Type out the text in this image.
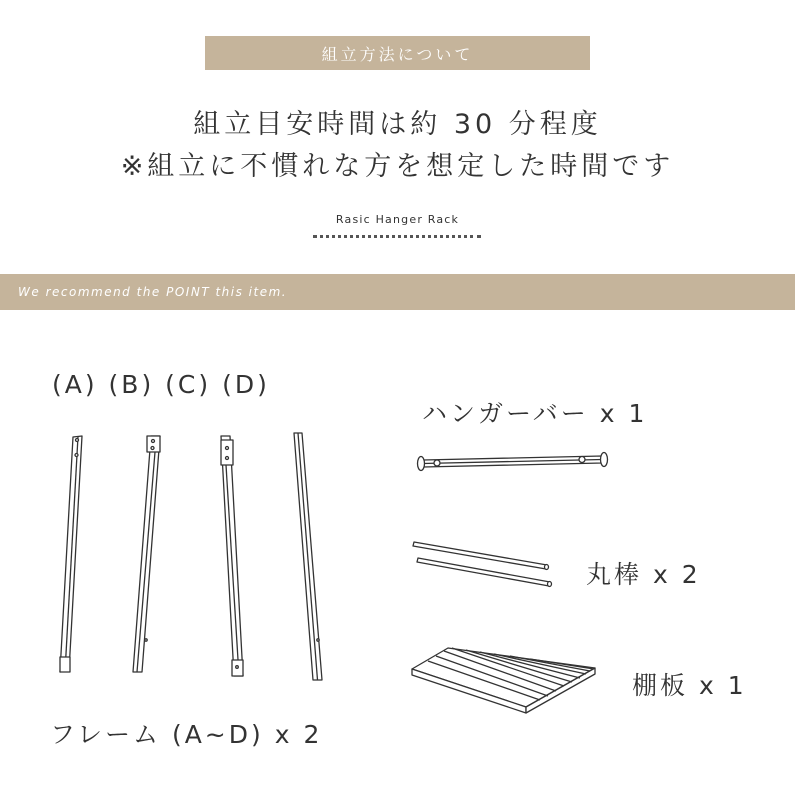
組立方法について
組立目安時間は約 30 分程度
※組立に不慣れな方を想定した時間です
Rasic Hanger Rack
We recommend the POINT this item.
(A) (B) (C) (D)
フレーム (A~D) x 2
ハンガーバー x 1
丸棒 x 2
棚板 x 1
